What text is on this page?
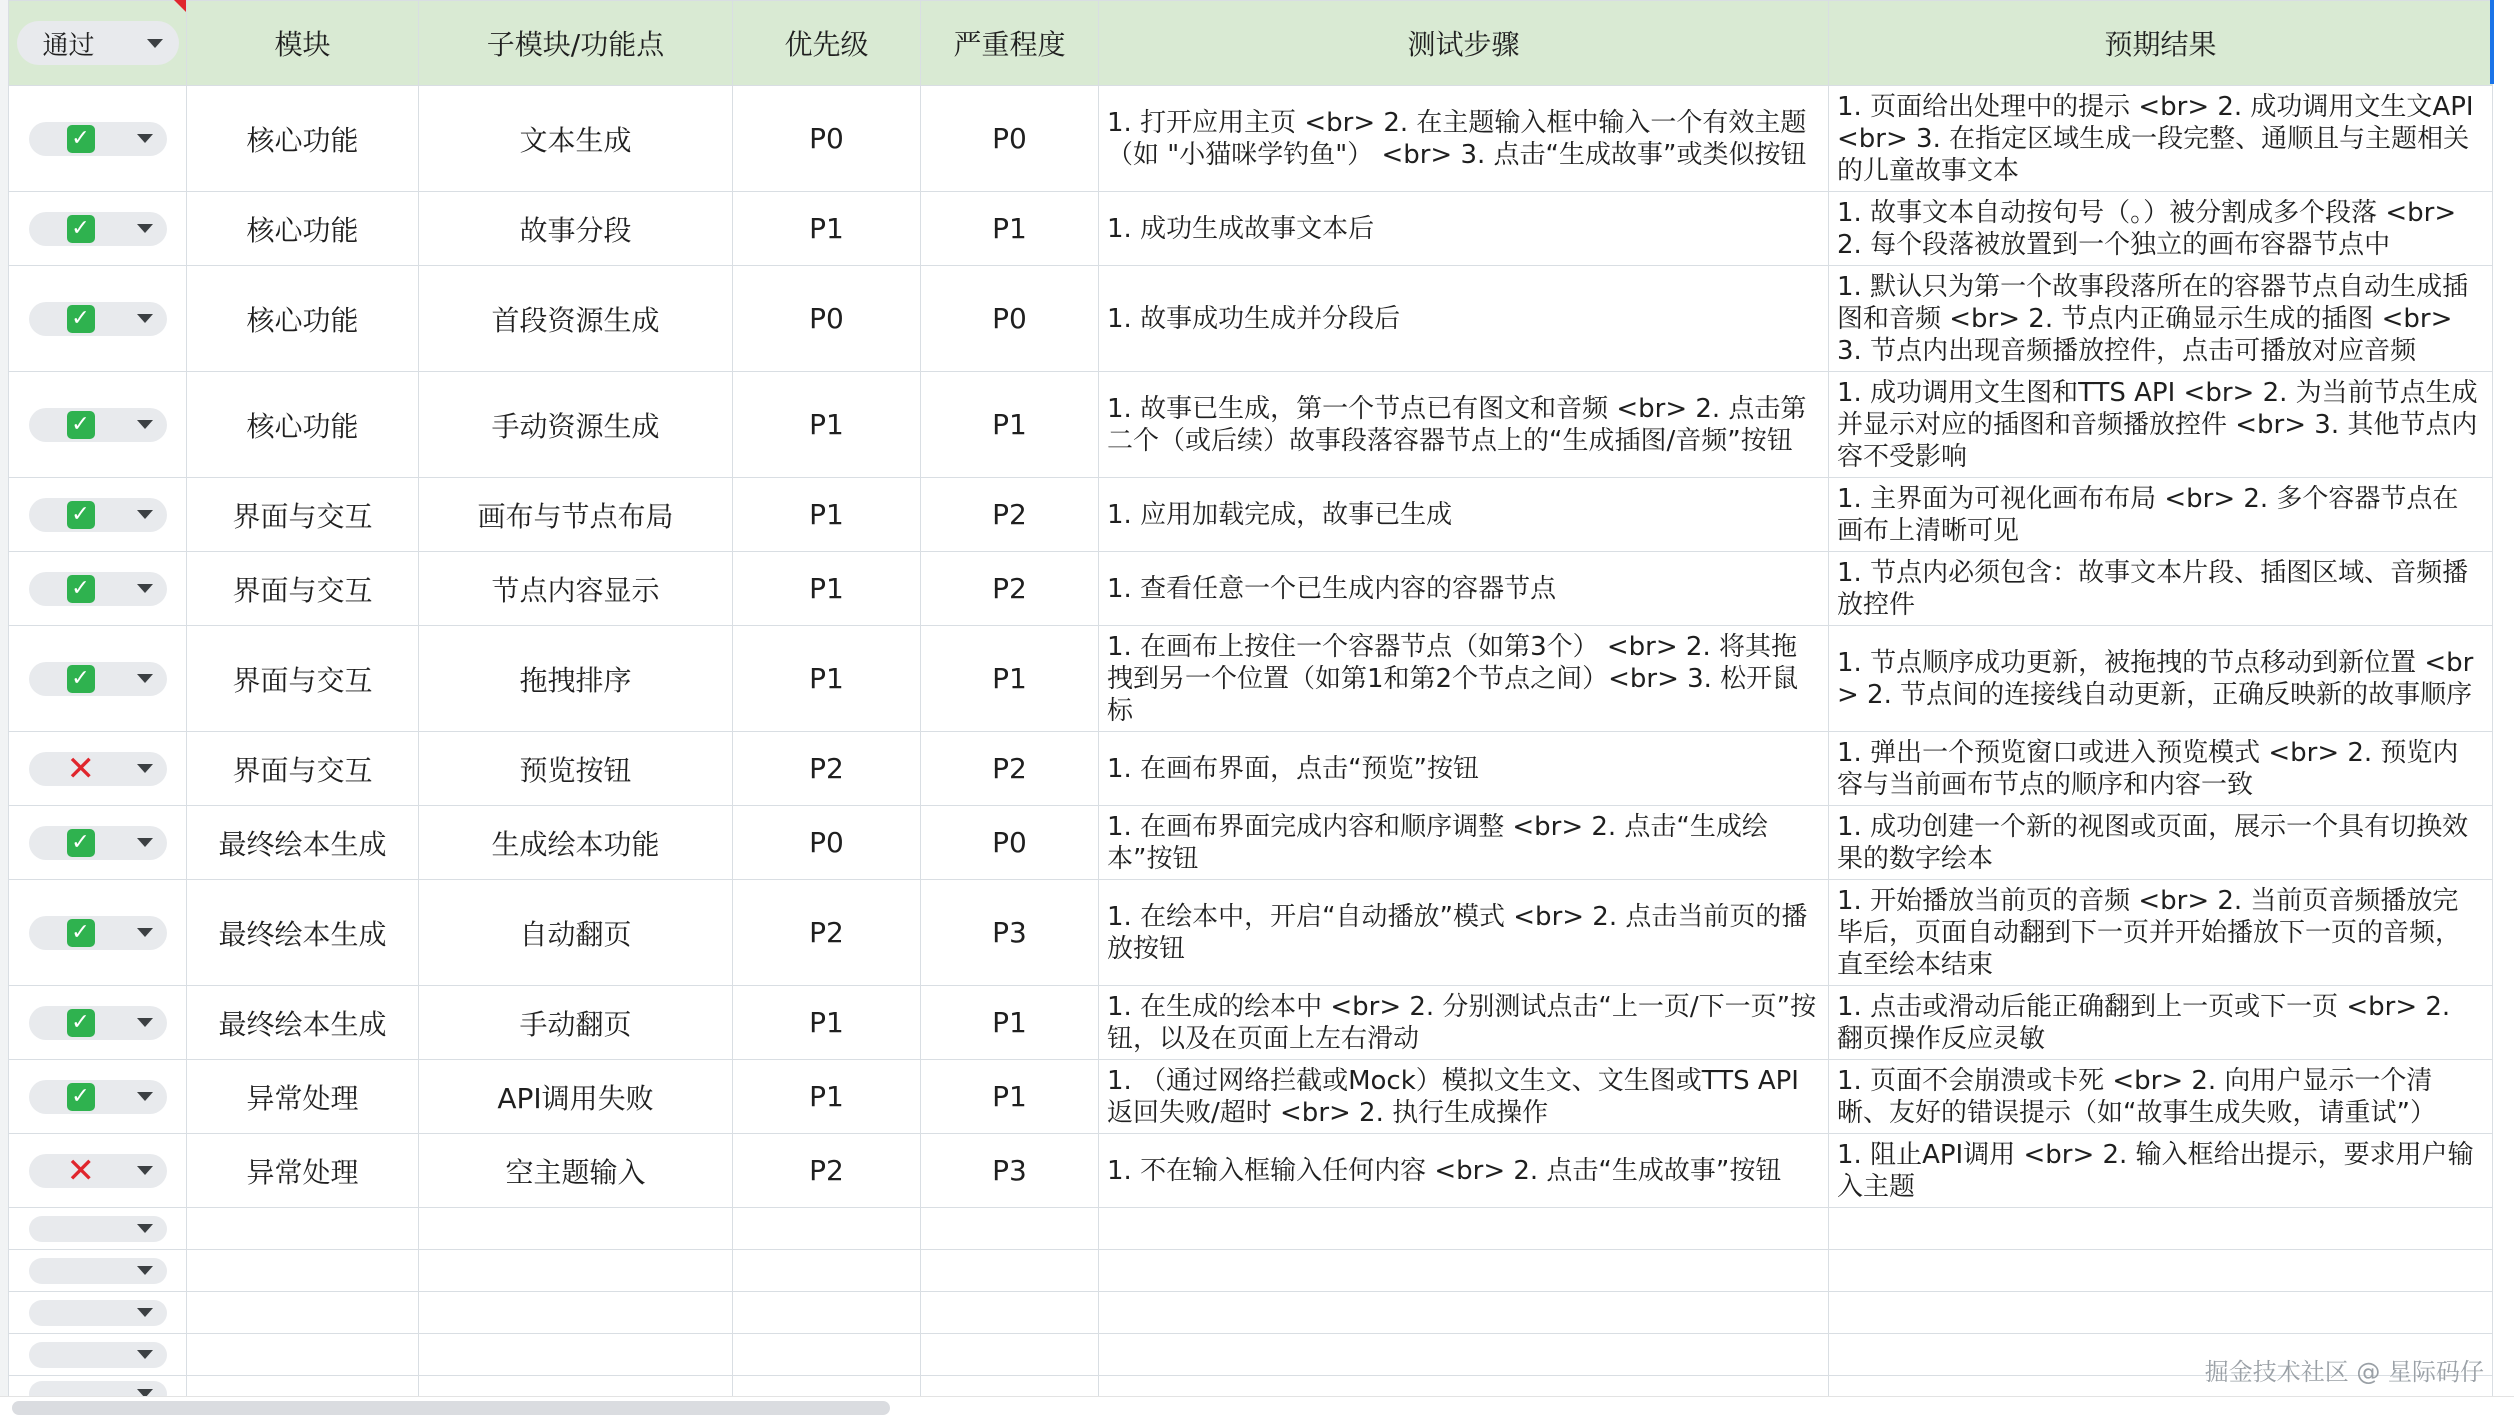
通过	模块	子模块/功能点	优先级	严重程度	测试步骤	预期结果

✓	核心功能	文本生成	P0	P0	1. 打开应用主页 <br> 2. 在主题输入框中输入一个有效主题（如 "小猫咪学钓鱼"） <br> 3. 点击“生成故事”或类似按钮	1. 页面给出处理中的提示 <br> 2. 成功调用文生文API <br> 3. 在指定区域生成一段完整、通顺且与主题相关的儿童故事文本

✓	核心功能	故事分段	P1	P1	1. 成功生成故事文本后	1. 故事文本自动按句号（。）被分割成多个段落 <br> 2. 每个段落被放置到一个独立的画布容器节点中

✓	核心功能	首段资源生成	P0	P0	1. 故事成功生成并分段后	1. 默认只为第一个故事段落所在的容器节点自动生成插图和音频 <br> 2. 节点内正确显示生成的插图 <br> 3. 节点内出现音频播放控件，点击可播放对应音频

✓	核心功能	手动资源生成	P1	P1	1. 故事已生成，第一个节点已有图文和音频 <br> 2. 点击第二个（或后续）故事段落容器节点上的“生成插图/音频”按钮	1. 成功调用文生图和TTS API <br> 2. 为当前节点生成并显示对应的插图和音频播放控件 <br> 3. 其他节点内容不受影响

✓	界面与交互	画布与节点布局	P1	P2	1. 应用加载完成，故事已生成	1. 主界面为可视化画布布局 <br> 2. 多个容器节点在画布上清晰可见

✓	界面与交互	节点内容显示	P1	P2	1. 查看任意一个已生成内容的容器节点	1. 节点内必须包含：故事文本片段、插图区域、音频播放控件

✓	界面与交互	拖拽排序	P1	P1	1. 在画布上按住一个容器节点（如第3个） <br> 2. 将其拖拽到另一个位置（如第1和第2个节点之间）<br> 3. 松开鼠标	1. 节点顺序成功更新，被拖拽的节点移动到新位置 <br> 2. 节点间的连接线自动更新，正确反映新的故事顺序

✕	界面与交互	预览按钮	P2	P2	1. 在画布界面，点击“预览”按钮	1. 弹出一个预览窗口或进入预览模式 <br> 2. 预览内容与当前画布节点的顺序和内容一致

✓	最终绘本生成	生成绘本功能	P0	P0	1. 在画布界面完成内容和顺序调整 <br> 2. 点击“生成绘本”按钮	1. 成功创建一个新的视图或页面，展示一个具有切换效果的数字绘本

✓	最终绘本生成	自动翻页	P2	P3	1. 在绘本中，开启“自动播放”模式 <br> 2. 点击当前页的播放按钮	1. 开始播放当前页的音频 <br> 2. 当前页音频播放完毕后，页面自动翻到下一页并开始播放下一页的音频，直至绘本结束

✓	最终绘本生成	手动翻页	P1	P1	1. 在生成的绘本中 <br> 2. 分别测试点击“上一页/下一页”按钮，以及在页面上左右滑动	1. 点击或滑动后能正确翻到上一页或下一页 <br> 2. 翻页操作反应灵敏

✓	异常处理	API调用失败	P1	P1	1. （通过网络拦截或Mock）模拟文生文、文生图或TTS API返回失败/超时 <br> 2. 执行生成操作	1. 页面不会崩溃或卡死 <br> 2. 向用户显示一个清晰、友好的错误提示（如“故事生成失败，请重试”）

✕	异常处理	空主题输入	P2	P3	1. 不在输入框输入任何内容 <br> 2. 点击“生成故事”按钮	1. 阻止API调用 <br> 2. 输入框给出提示，要求用户输入主题

掘金技术社区 @ 星际码仔
